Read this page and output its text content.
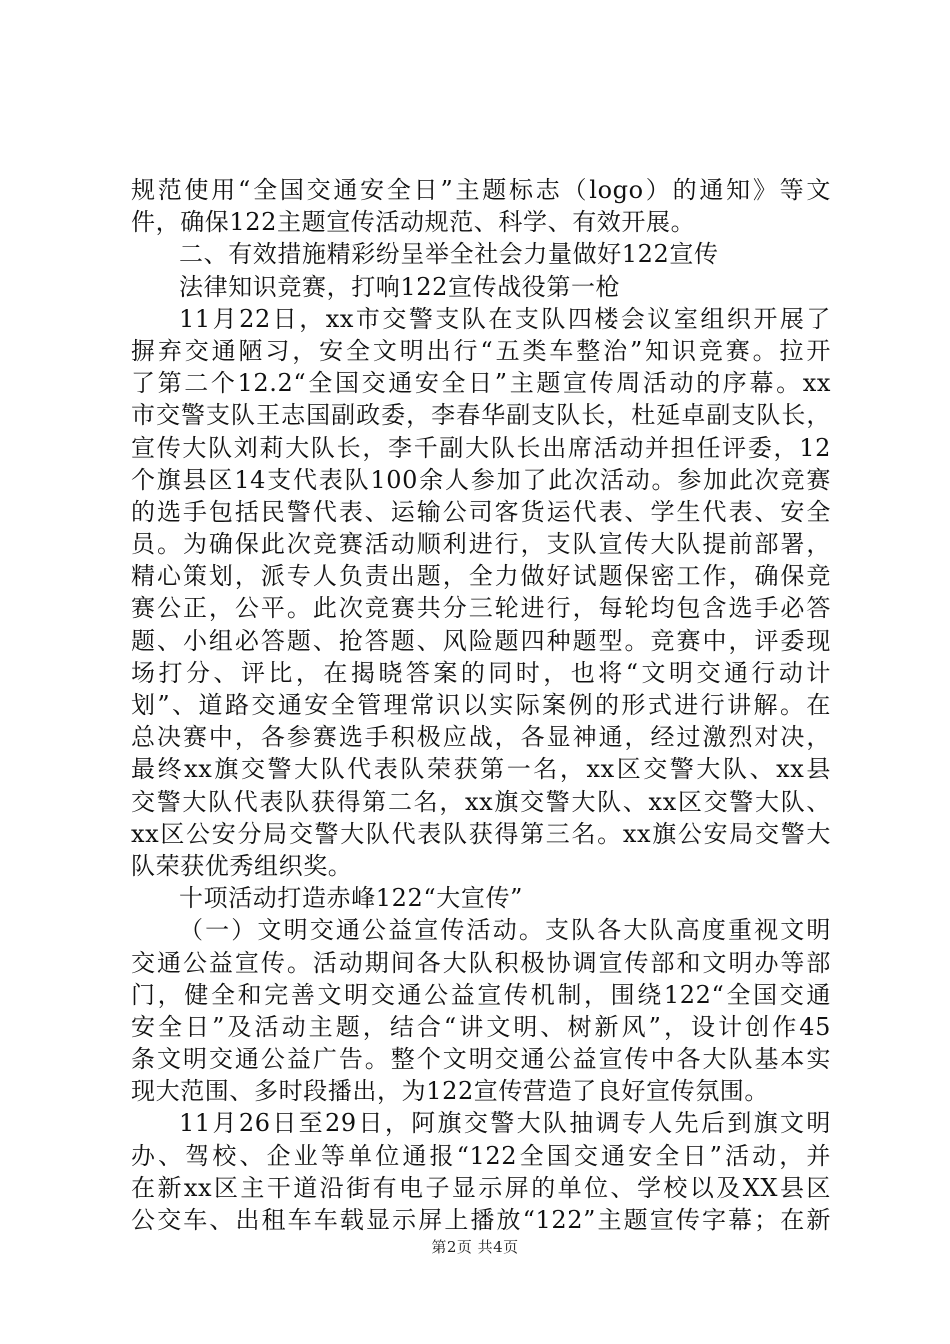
规范使用“全国交通安全日”主题标志（logo）的通知》等文
件，确保122主题宣传活动规范、科学、有效开展。
二、有效措施精彩纷呈举全社会力量做好122宣传
法律知识竞赛，打响122宣传战役第一枪
11月22日，xx市交警支队在支队四楼会议室组织开展了
摒弃交通陋习，安全文明出行“五类车整治”知识竞赛。拉开
了第二个12.2“全国交通安全日”主题宣传周活动的序幕。xx
市交警支队王志国副政委，李春华副支队长，杜延卓副支队长，
宣传大队刘莉大队长，李千副大队长出席活动并担任评委，12
个旗县区14支代表队100余人参加了此次活动。参加此次竞赛
的选手包括民警代表、运输公司客货运代表、学生代表、安全
员。为确保此次竞赛活动顺利进行，支队宣传大队提前部署，
精心策划，派专人负责出题，全力做好试题保密工作，确保竞
赛公正，公平。此次竞赛共分三轮进行，每轮均包含选手必答
题、小组必答题、抢答题、风险题四种题型。竞赛中，评委现
场打分、评比，在揭晓答案的同时，也将“文明交通行动计
划”、道路交通安全管理常识以实际案例的形式进行讲解。在
总决赛中，各参赛选手积极应战，各显神通，经过激烈对决，
最终xx旗交警大队代表队荣获第一名，xx区交警大队、xx县
交警大队代表队获得第二名，xx旗交警大队、xx区交警大队、
xx区公安分局交警大队代表队获得第三名。xx旗公安局交警大
队荣获优秀组织奖。
十项活动打造赤峰122“大宣传”
（一）文明交通公益宣传活动。支队各大队高度重视文明
交通公益宣传。活动期间各大队积极协调宣传部和文明办等部
门，健全和完善文明交通公益宣传机制，围绕122“全国交通
安全日”及活动主题，结合“讲文明、树新风”，设计创作45
条文明交通公益广告。整个文明交通公益宣传中各大队基本实
现大范围、多时段播出，为122宣传营造了良好宣传氛围。
11月26日至29日，阿旗交警大队抽调专人先后到旗文明
办、驾校、企业等单位通报“122全国交通安全日”活动，并
在新xx区主干道沿街有电子显示屏的单位、学校以及XX县区
公交车、出租车车载显示屏上播放“122”主题宣传字幕；在新
第2页 共4页
